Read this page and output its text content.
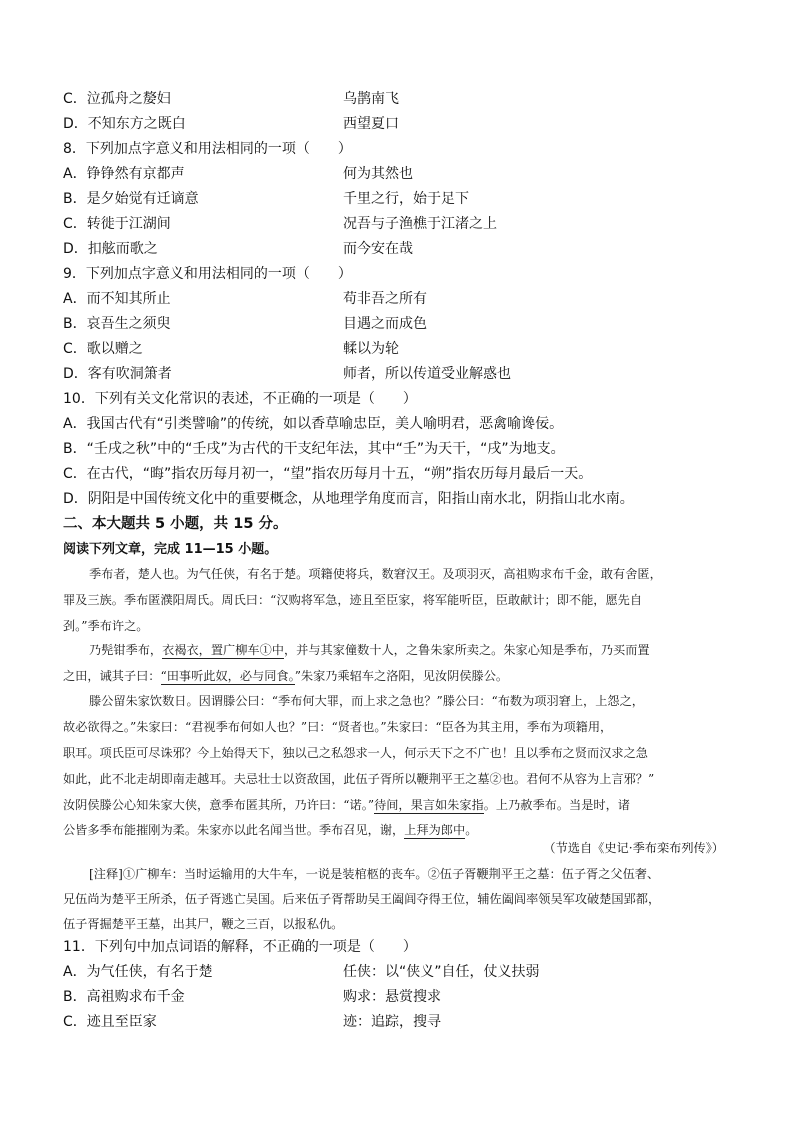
C．泣孤舟之嫠妇	乌鹊南飞
D．不知东方之既白	西望夏口
8．下列加点字意义和用法相同的一项（　　）
A．铮铮然有京都声	何为其然也
B．是夕始觉有迁谪意	千里之行，始于足下
C．转徙于江湖间	况吾与子渔樵于江渚之上
D．扣舷而歌之	而今安在哉
9．下列加点字意义和用法相同的一项（　　）
A．而不知其所止	苟非吾之所有
B．哀吾生之须臾	目遇之而成色
C．歌以赠之	輮以为轮
D．客有吹洞箫者	师者，所以传道受业解惑也
10．下列有关文化常识的表述，不正确的一项是（　　）
A．我国古代有“引类譬喻”的传统，如以香草喻忠臣，美人喻明君，恶禽喻谗佞。
B．“壬戌之秋”中的“壬戌”为古代的干支纪年法，其中“壬”为天干，“戌”为地支。
C．在古代，“晦”指农历每月初一，“望”指农历每月十五，“朔”指农历每月最后一天。
D．阴阳是中国传统文化中的重要概念，从地理学角度而言，阳指山南水北，阴指山北水南。
二、本大题共 5 小题，共 15 分。
阅读下列文章，完成 11—15 小题。
季布者，楚人也。为气任侠，有名于楚。项籍使将兵，数窘汉王。及项羽灭，高祖购求布千金，敢有舍匿，
罪及三族。季布匿濮阳周氏。周氏曰：“汉购将军急，迹且至臣家，将军能听臣，臣敢献计；即不能，愿先自
刭。”季布许之。
乃髡钳季布，衣褐衣，置广柳车①中，并与其家僮数十人，之鲁朱家所卖之。朱家心知是季布，乃买而置
之田，诫其子曰：“田事听此奴，必与同食。”朱家乃乘轺车之洛阳，见汝阴侯滕公。
滕公留朱家饮数日。因谓滕公曰：“季布何大罪，而上求之急也？”滕公曰：“布数为项羽窘上，上怨之，
故必欲得之。”朱家曰：“君视季布何如人也？”曰：“贤者也。”朱家曰：“臣各为其主用，季布为项籍用，
职耳。项氏臣可尽诛邪？今上始得天下，独以己之私怨求一人，何示天下之不广也！且以季布之贤而汉求之急
如此，此不北走胡即南走越耳。夫忌壮士以资敌国，此伍子胥所以鞭荆平王之墓②也。君何不从容为上言邪？”
汝阴侯滕公心知朱家大侠，意季布匿其所，乃许曰：“诺。”待间，果言如朱家指。上乃赦季布。当是时，诸
公皆多季布能摧刚为柔。朱家亦以此名闻当世。季布召见，谢，上拜为郎中。
（节选自《史记·季布栾布列传》）
[注释]①广柳车：当时运输用的大牛车，一说是装棺柩的丧车。②伍子胥鞭荆平王之墓：伍子胥之父伍奢、
兄伍尚为楚平王所杀，伍子胥逃亡吴国。后来伍子胥帮助吴王阖闾夺得王位，辅佐阖闾率领吴军攻破楚国郢都，
伍子胥掘楚平王墓，出其尸，鞭之三百，以报私仇。
11．下列句中加点词语的解释，不正确的一项是（　　）
A．为气任侠，有名于楚	任侠：以“侠义”自任，仗义扶弱
B．高祖购求布千金	购求：悬赏搜求
C．迹且至臣家	迹：追踪，搜寻
